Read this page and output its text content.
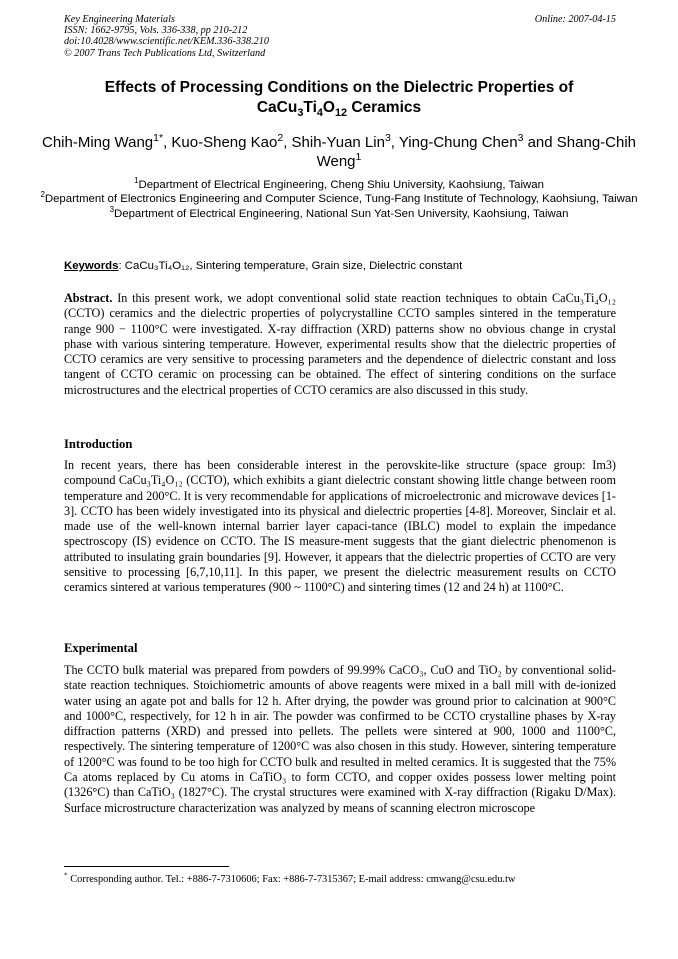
Key Engineering Materials
ISSN: 1662-9795, Vols. 336-338, pp 210-212
doi:10.4028/www.scientific.net/KEM.336-338.210
© 2007 Trans Tech Publications Ltd, Switzerland
Online: 2007-04-15
Effects of Processing Conditions on the Dielectric Properties of
$CaCu_3Ti_4O_{12}$ Ceramics
Chih-Ming Wang$^{1*}$, Kuo-Sheng Kao$^2$, Shih-Yuan Lin$^3$, Ying-Chung Chen$^3$ and Shang-Chih Weng$^1$
$^1$Department of Electrical Engineering, Cheng Shiu University, Kaohsiung, Taiwan
$^2$Department of Electronics Engineering and Computer Science, Tung-Fang Institute of Technology, Kaohsiung, Taiwan
$^3$Department of Electrical Engineering, National Sun Yat-Sen University, Kaohsiung, Taiwan
Keywords: CaCu₃Ti₄O₁₂, Sintering temperature, Grain size, Dielectric constant
Abstract. In this present work, we adopt conventional solid state reaction techniques to obtain CaCu₃Ti₄O₁₂ (CCTO) ceramics and the dielectric properties of polycrystalline CCTO samples sintered in the temperature range 900 − 1100°C were investigated. X-ray diffraction (XRD) patterns show no obvious change in crystal phase with various sintering temperature. However, experimental results show that the dielectric properties of CCTO ceramics are very sensitive to processing parameters and the dependence of dielectric constant and loss tangent of CCTO ceramic on processing can be obtained. The effect of sintering conditions on the surface microstructures and the electrical properties of CCTO ceramics are also discussed in this study.
Introduction
In recent years, there has been considerable interest in the perovskite-like structure (space group: Im3) compound CaCu₃Ti₄O₁₂ (CCTO), which exhibits a giant dielectric constant showing little change between room temperature and 200°C. It is very recommendable for applications of microelectronic and microwave devices [1-3]. CCTO has been widely investigated into its physical and dielectric properties [4-8]. Moreover, Sinclair et al. made use of the well-known internal barrier layer capaci-tance (IBLC) model to explain the impedance spectroscopy (IS) evidence on CCTO. The IS measure-ment suggests that the giant dielectric phenomenon is attributed to insulating grain boundaries [9]. However, it appears that the dielectric properties of CCTO are very sensitive to processing [6,7,10,11]. In this paper, we present the dielectric measurement results on CCTO ceramics sintered at various temperatures (900 ~ 1100°C) and sintering times (12 and 24 h) at 1100°C.
Experimental
The CCTO bulk material was prepared from powders of 99.99% CaCO₃, CuO and TiO₂ by conventional solid-state reaction techniques. Stoichiometric amounts of above reagents were mixed in a ball mill with de-ionized water using an agate pot and balls for 12 h. After drying, the powder was ground prior to calcination at 900°C and 1000°C, respectively, for 12 h in air. The powder was confirmed to be CCTO crystalline phases by X-ray diffraction patterns (XRD) and pressed into pellets. The pellets were sintered at 900, 1000 and 1100°C, respectively. The sintering temperature of 1200°C was also chosen in this study. However, sintering temperature of 1200°C was found to be too high for CCTO bulk and resulted in melted ceramics. It is suggested that the 75% Ca atoms replaced by Cu atoms in CaTiO₃ to form CCTO, and copper oxides possess lower melting point (1326°C) than CaTiO₃ (1827°C). The crystal structures were examined with X-ray diffraction (Rigaku D/Max). Surface microstructure characterization was analyzed by means of scanning electron microscope
* Corresponding author. Tel.: +886-7-7310606; Fax: +886-7-7315367; E-mail address: cmwang@csu.edu.tw
